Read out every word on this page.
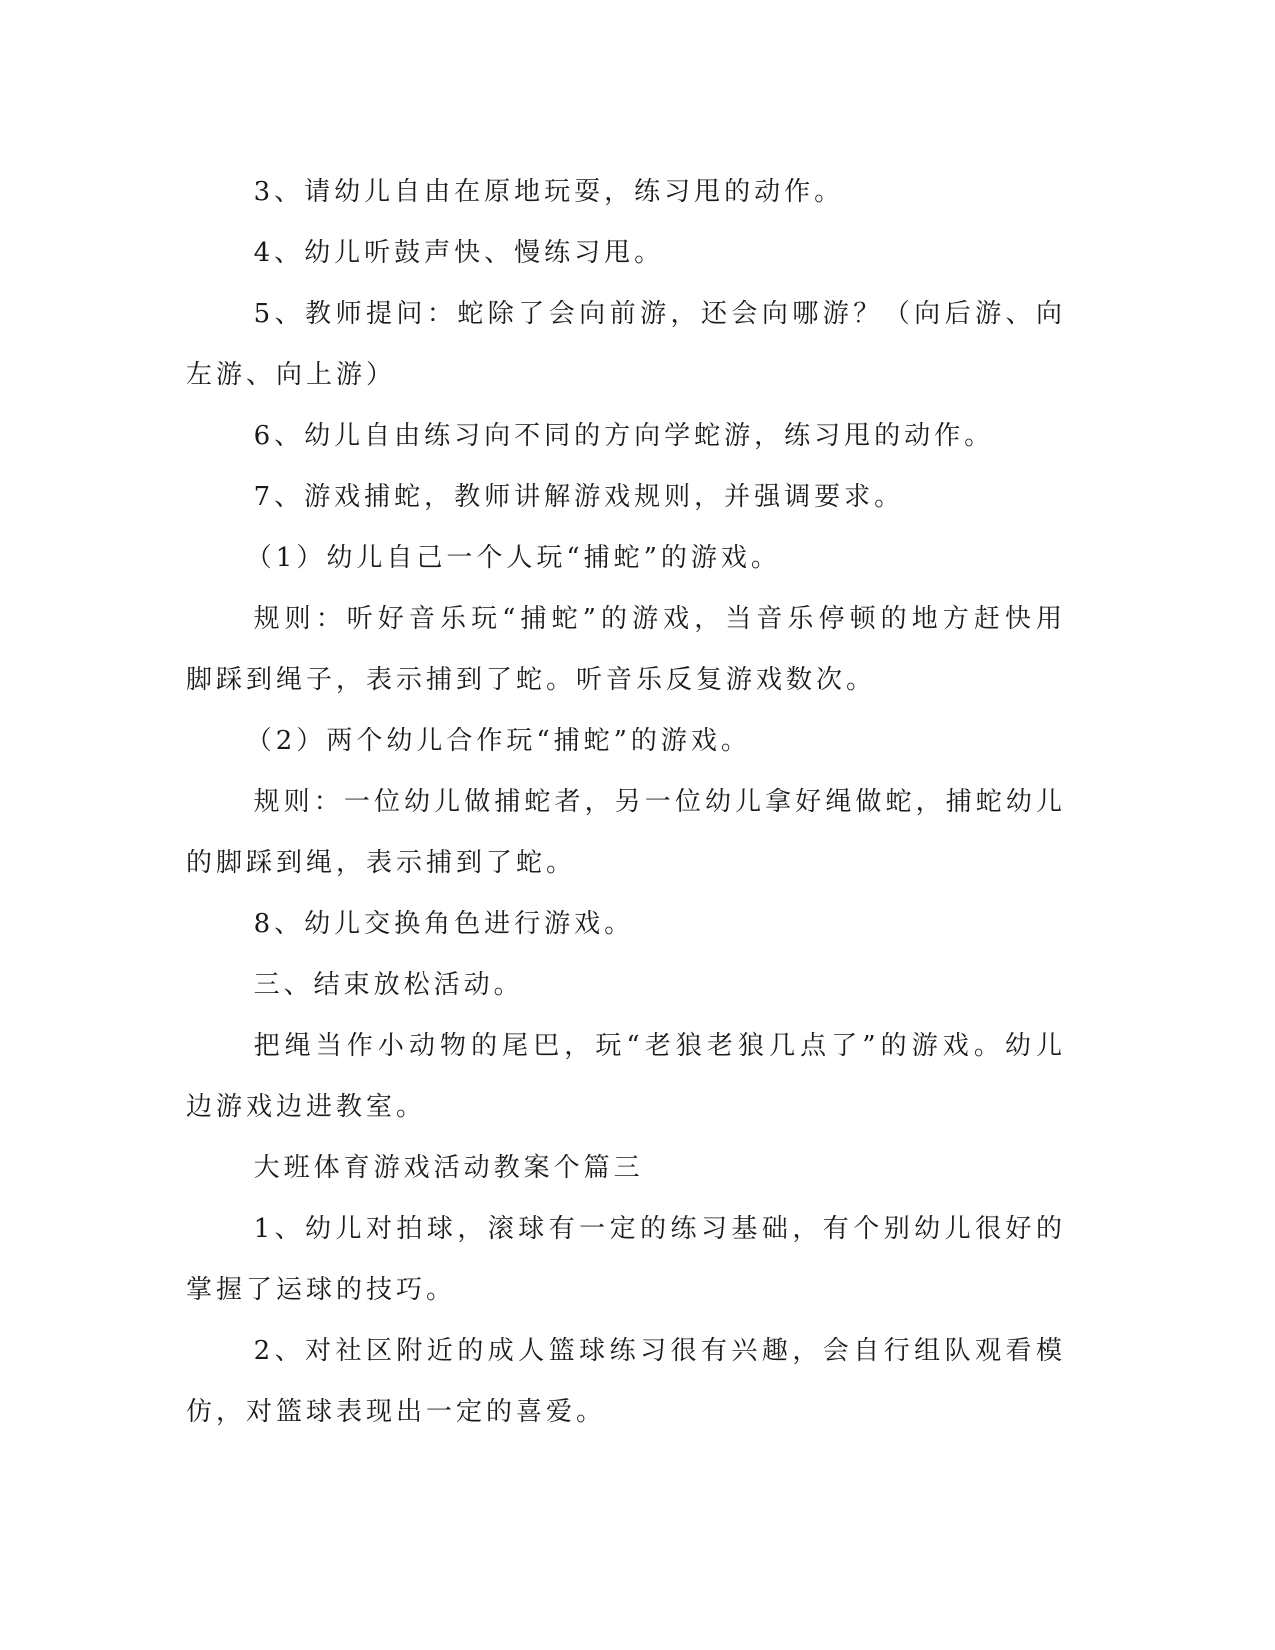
3、请幼儿自由在原地玩耍，练习甩的动作。

4、幼儿听鼓声快、慢练习甩。

5、教师提问：蛇除了会向前游，还会向哪游？（向后游、向左游、向上游）

6、幼儿自由练习向不同的方向学蛇游，练习甩的动作。

7、游戏捕蛇，教师讲解游戏规则，并强调要求。

（1）幼儿自己一个人玩“捕蛇”的游戏。

规则：听好音乐玩“捕蛇”的游戏，当音乐停顿的地方赶快用脚踩到绳子，表示捕到了蛇。听音乐反复游戏数次。

（2）两个幼儿合作玩“捕蛇”的游戏。

规则：一位幼儿做捕蛇者，另一位幼儿拿好绳做蛇，捕蛇幼儿的脚踩到绳，表示捕到了蛇。

8、幼儿交换角色进行游戏。

三、结束放松活动。

把绳当作小动物的尾巴，玩“老狼老狼几点了”的游戏。幼儿边游戏边进教室。

大班体育游戏活动教案个篇三

1、幼儿对拍球，滚球有一定的练习基础，有个别幼儿很好的掌握了运球的技巧。

2、对社区附近的成人篮球练习很有兴趣，会自行组队观看模仿，对篮球表现出一定的喜爱。
